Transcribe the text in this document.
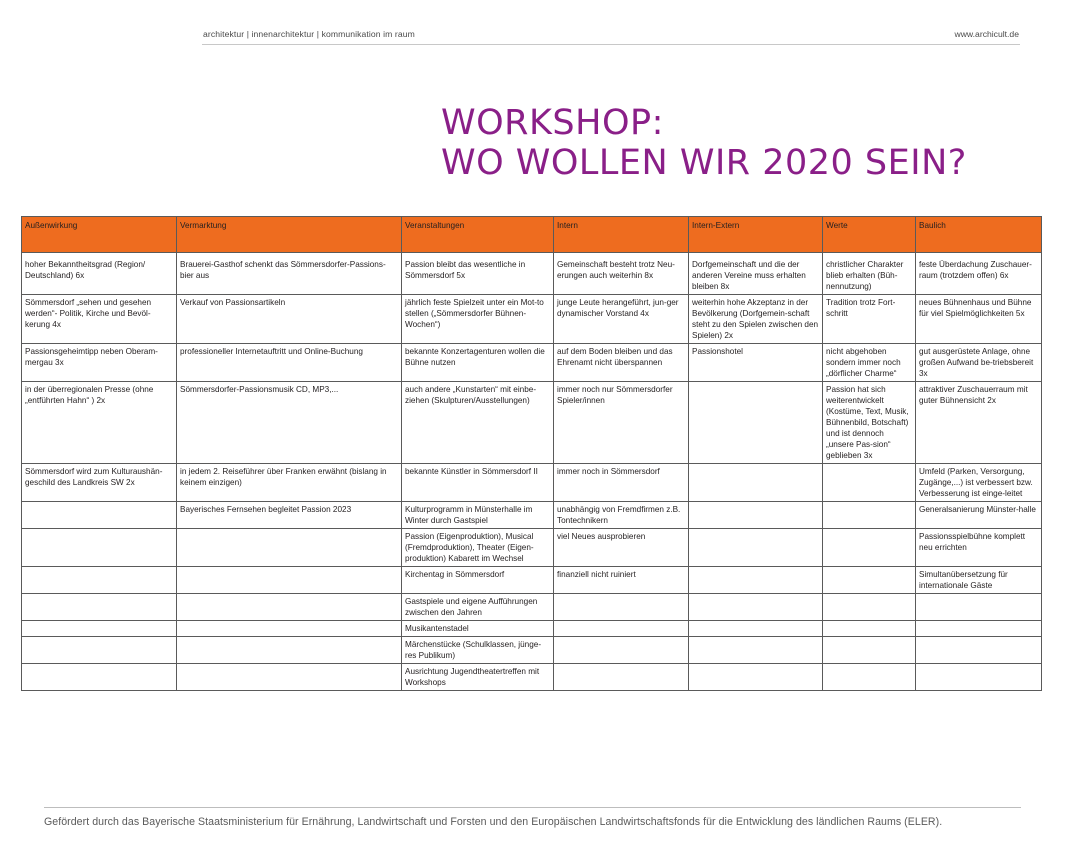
architektur | innenarchitektur | kommunikation im raum	www.archicult.de
WORKSHOP:
WO WOLLEN WIR 2020 SEIN?
Außenwirkung	Vermarktung	Veranstaltungen	Intern	Intern-Extern	Werte	Baulich
hoher Bekanntheitsgrad (Region/ Deutschland) 6x	Brauerei-Gasthof schenkt das Sömmersdorfer-Passions-bier aus	Passion bleibt das wesentliche in Sömmersdorf 5x	Gemeinschaft besteht trotz Neu-erungen auch weiterhin 8x	Dorfgemeinschaft und die der anderen Vereine muss erhalten bleiben 8x	christlicher Charakter blieb erhalten (Büh-nennutzung)	feste Überdachung Zuschauer-raum (trotzdem offen) 6x
Sömmersdorf „sehen und gesehen werden“- Politik, Kirche und Bevöl-kerung 4x	Verkauf von Passionsartikeln	jährlich feste Spielzeit unter ein Mot-to stellen („Sömmersdorfer Bühnen-Wochen“)	junge Leute herangeführt, jun-ger dynamischer Vorstand 4x	weiterhin hohe Akzeptanz in der Bevölkerung (Dorfgemein-schaft steht zu den Spielen zwischen den Spielen) 2x	Tradition trotz Fort-schritt	neues Bühnenhaus und Bühne für viel Spielmöglichkeiten 5x
Passionsgeheimtipp neben Oberam-mergau 3x	professioneller Internetauftritt und Online-Buchung	bekannte Konzertagenturen wollen die Bühne nutzen	auf dem Boden bleiben und das Ehrenamt nicht überspannen	Passionshotel	nicht abgehoben sondern immer noch „dörflicher Charme“	gut ausgerüstete Anlage, ohne großen Aufwand be-triebsbereit 3x
in der überregionalen Presse (ohne „entführten Hahn“ ) 2x	Sömmersdorfer-Passionsmusik CD, MP3,...	auch andere „Kunstarten“ mit einbe-ziehen (Skulpturen/Ausstellungen)	immer noch nur Sömmersdorfer Spieler/innen		Passion hat sich weiterentwickelt (Kostüme, Text, Musik, Bühnenbild, Botschaft) und ist dennoch „unsere Pas-sion“ geblieben 3x	attraktiver Zuschauerraum mit guter Bühnensicht 2x
Sömmersdorf wird zum Kulturaushän-geschild des Landkreis SW 2x	in jedem 2. Reiseführer über Franken erwähnt (bislang in keinem einzigen)	bekannte Künstler in Sömmersdorf II	immer noch in Sömmersdorf			Umfeld (Parken, Versorgung, Zugänge,...) ist verbessert bzw. Verbesserung ist einge-leitet
	Bayerisches Fernsehen begleitet Passion 2023	Kulturprogramm in Münsterhalle im Winter durch Gastspiel	unabhängig von Fremdfirmen z.B. Tontechnikern			Generalsanierung Münster-halle
		Passion (Eigenproduktion), Musical (Fremdproduktion), Theater (Eigen-produktion) Kabarett im Wechsel	viel Neues ausprobieren			Passionsspielbühne komplett neu errichten
		Kirchentag in Sömmersdorf	finanziell nicht ruiniert			Simultanübersetzung für internationale Gäste
		Gastspiele und eigene Aufführungen zwischen den Jahren				
		Musikantenstadel				
		Märchenstücke (Schulklassen, jünge-res Publikum)				
		Ausrichtung Jugendtheatertreffen mit Workshops				
Gefördert durch das Bayerische Staatsministerium für Ernährung, Landwirtschaft und Forsten und den Europäischen Landwirtschaftsfonds für die Entwicklung des ländlichen Raums (ELER).
